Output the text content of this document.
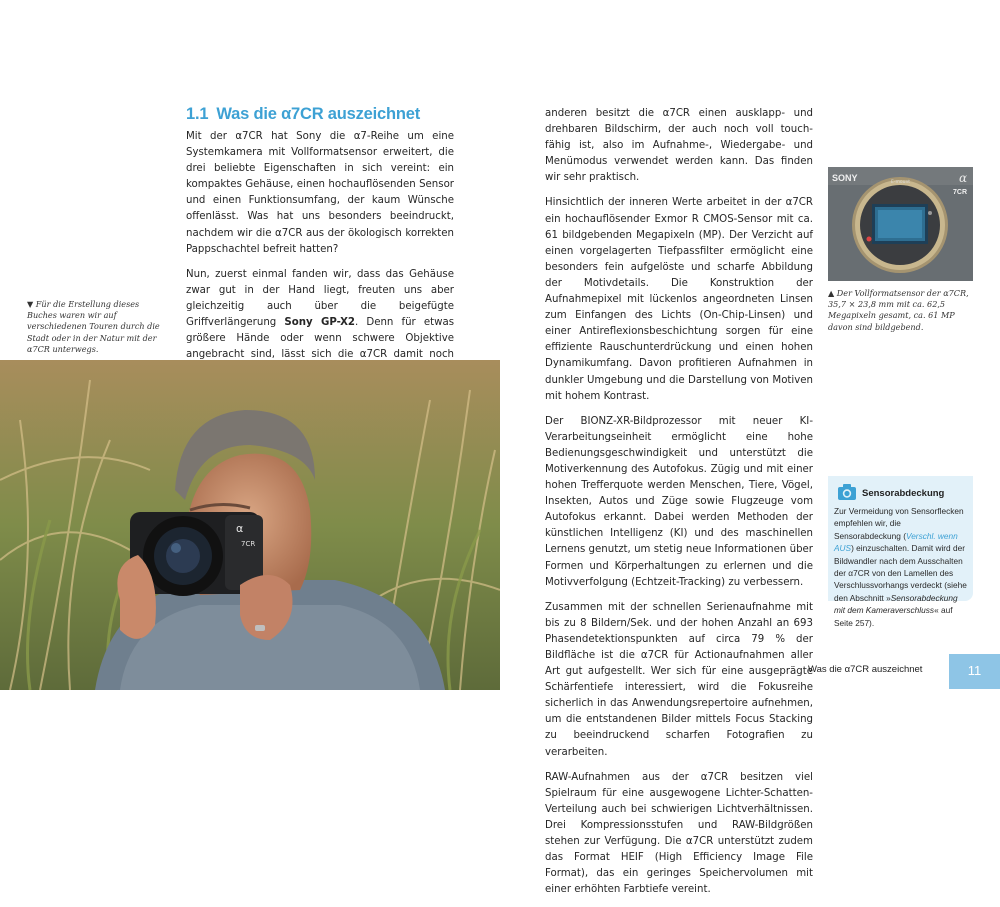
1.1 Was die α7CR auszeichnet

Mit der α7CR hat Sony die α7-Reihe um eine Systemkamera mit Vollformatsensor erweitert, die drei beliebte Eigenschaften in sich vereint: ein kompaktes Gehäuse, einen hochauflösenden Sensor und einen Funktionsumfang, der kaum Wünsche offenlässt. Was hat uns besonders beeindruckt, nachdem wir die α7CR aus der ökologisch korrekten Pappschachtel befreit hatten?

Nun, zuerst einmal fanden wir, dass das Gehäuse zwar gut in der Hand liegt, freuten uns aber gleichzeitig auch über die beigefügte Griffverlängerung Sony GP-X2. Denn für etwas größere Hände oder wenn schwere Objektive angebracht sind, lässt sich die α7CR damit noch

▼ Für die Erstellung dieses Buches waren wir auf verschiedenen Touren durch die Stadt oder in der Natur mit der α7CR unterwegs.
α
7CR

anderen besitzt die α7CR einen ausklapp- und drehbaren Bildschirm, der auch noch voll touch-fähig ist, also im Aufnahme-, Wiedergabe- und Menümodus verwendet werden kann. Das finden wir sehr praktisch.

Hinsichtlich der inneren Werte arbeitet in der α7CR ein hochauflösender Exmor R CMOS-Sensor mit ca. 61 bildgebenden Megapixeln (MP). Der Verzicht auf einen vorgelagerten Tiefpassfilter ermöglicht eine besonders fein aufgelöste und scharfe Abbildung der Motivdetails. Die Konstruktion der Aufnahmepixel mit lückenlos angeordneten Linsen zum Einfangen des Lichts (On-Chip-Linsen) und einer Antireflexionsbeschichtung sorgen für eine effiziente Rauschunterdrückung und einen hohen Dynamikumfang. Davon profitieren Aufnahmen in dunkler Umgebung und die Darstellung von Motiven mit hohem Kontrast.

Der BIONZ-XR-Bildprozessor mit neuer KI-Verarbeitungseinheit ermöglicht eine hohe Bedienungsgeschwindigkeit und unterstützt die Motiverkennung des Autofokus. Zügig und mit einer hohen Trefferquote werden Menschen, Tiere, Vögel, Insekten, Autos und Züge sowie Flugzeuge vom Autofokus erkannt. Dabei werden Methoden der künstlichen Intelligenz (KI) und des maschinellen Lernens genutzt, um stetig neue Informationen über Formen und Körperhaltungen zu erlernen und die Motivverfolgung (Echtzeit-Tracking) zu verbessern.

Zusammen mit der schnellen Serienaufnahme mit bis zu 8 Bildern/Sek. und der hohen Anzahl an 693 Phasendetektionspunkten auf circa 79 % der Bildfläche ist die α7CR für Actionaufnahmen aller Art gut aufgestellt. Wer sich für eine ausgeprägte Schärfentiefe interessiert, wird die Fokusreihe sicherlich in das Anwendungsrepertoire aufnehmen, um die entstandenen Bilder mittels Focus Stacking zu beeindruckend scharfen Fotografien zu verarbeiten.

RAW-Aufnahmen aus der α7CR besitzen viel Spielraum für eine ausgewogene Lichter-Schatten-Verteilung auch bei schwierigen Lichtverhältnissen. Drei Kompressionsstufen und RAW-Bildgrößen stehen zur Verfügung. Die α7CR unterstützt zudem das Format HEIF (High Efficiency Image File Format), das ein geringes Speichervolumen mit einer erhöhten Farbtiefe vereint.

SONY	α
7CR
E-mount
▲ Der Vollformatsensor der α7CR, 35,7 × 23,8 mm mit ca. 62,5 Megapixeln gesamt, ca. 61 MP davon sind bildgebend.
Sensorabdeckung
Zur Vermeidung von Sensorflecken empfehlen wir, die Sensorabdeckung (Verschl. wenn AUS) einzuschalten. Damit wird der Bildwandler nach dem Ausschalten der α7CR von den Lamellen des Verschlussvorhangs verdeckt (siehe den Abschnitt »Sensorabdeckung mit dem Kameraverschluss« auf Seite 257).
Was die α7CR auszeichnet	11
